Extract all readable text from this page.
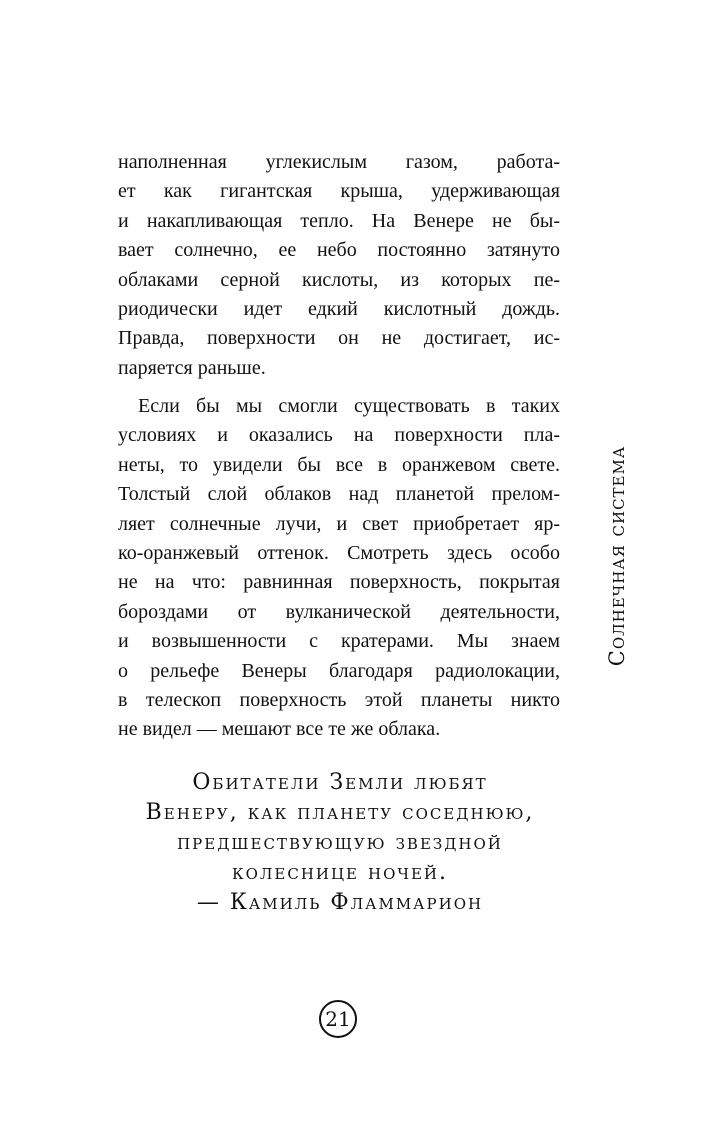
наполненная углекислым газом, работа-
ет как гигантская крыша, удерживающая
и накапливающая тепло. На Венере не бы-
вает солнечно, ее небо постоянно затянуто
облаками серной кислоты, из которых пе-
риодически идет едкий кислотный дождь.
Правда, поверхности он не достигает, ис-
паряется раньше.
Если бы мы смогли существовать в таких
условиях и оказались на поверхности пла-
неты, то увидели бы все в оранжевом свете.
Толстый слой облаков над планетой прелом-
ляет солнечные лучи, и свет приобретает яр-
ко-оранжевый оттенок. Смотреть здесь особо
не на что: равнинная поверхность, покрытая
бороздами от вулканической деятельности,
и возвышенности с кратерами. Мы знаем
о рельефе Венеры благодаря радиолокации,
в телескоп поверхность этой планеты никто
не видел — мешают все те же облака.
Солнечная система
Обитатели Земли любят
Венеру, как планету соседнюю,
предшествующую звездной
колеснице ночей.
— Камиль Фламмарион
21
